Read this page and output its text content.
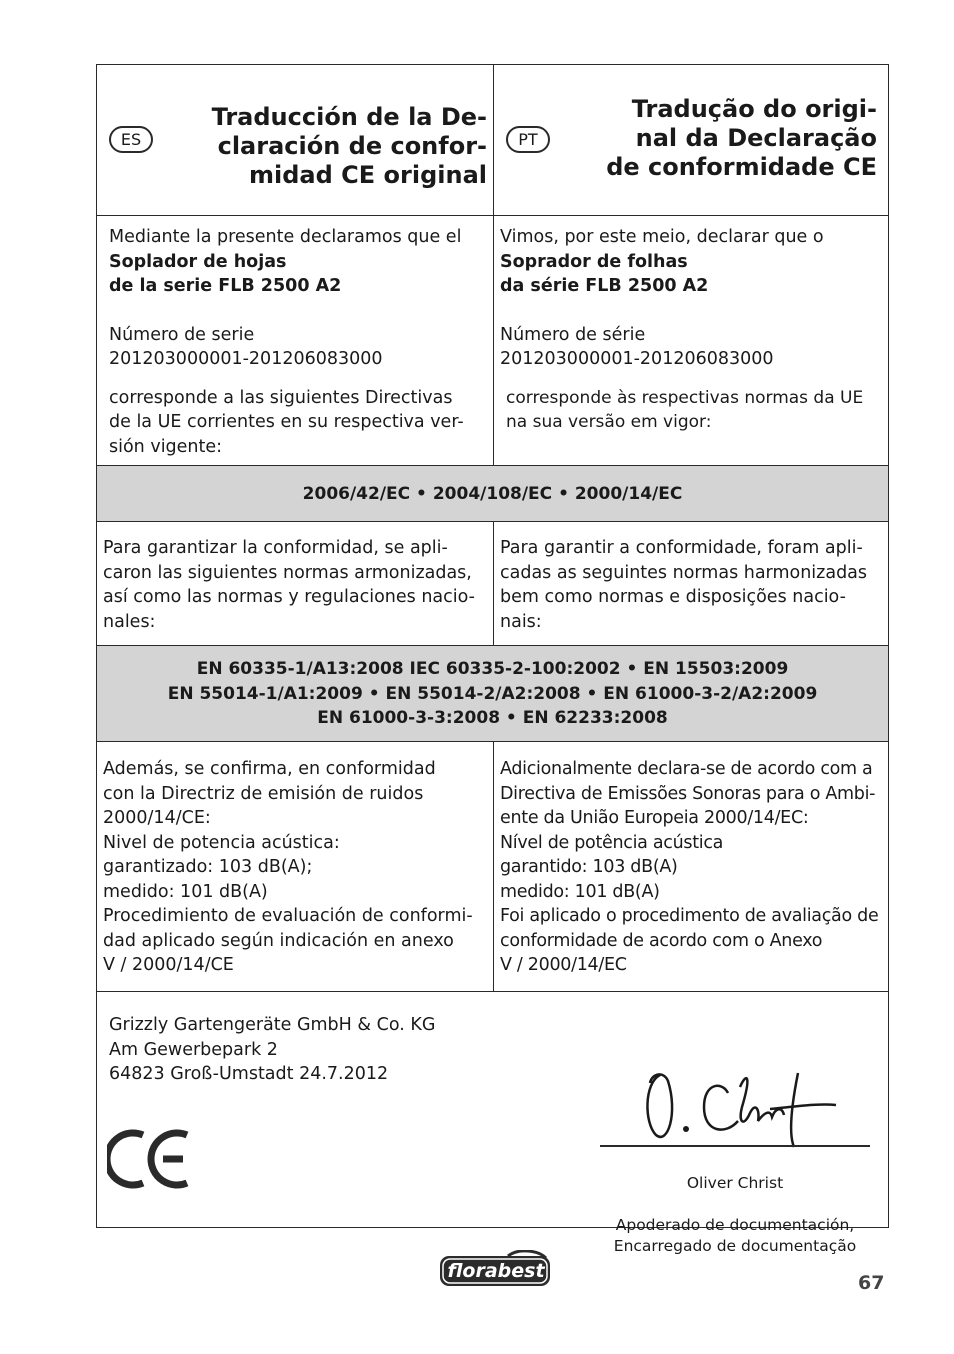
ES
Traducción de la De-
claración de confor-
midad CE original
PT
Tradução do origi-
nal da Declaração
de conformidade CE

Mediante la presente declaramos que el

Soplador de hojas

de la serie FLB 2500 A2

Número de serie

201203000001-201206083000

corresponde a las siguientes Directivas
de la UE corrientes en su respectiva ver-
sión vigente:

Vimos, por este meio, declarar que o

Soprador de folhas

da série FLB 2500 A2

Número de série

201203000001-201206083000

corresponde às respectivas normas da UE
na sua versão em vigor:

2006/42/EC • 2004/108/EC • 2000/14/EC

Para garantizar la conformidad, se apli-
caron las siguientes normas armonizadas,
así como las normas y regulaciones nacio-
nales:

Para garantir a conformidade, foram apli-
cadas as seguintes normas harmonizadas
bem como normas e disposições nacio-
nais:

EN 60335-1/A13:2008 IEC 60335-2-100:2002 • EN 15503:2009
EN 55014-1/A1:2009 • EN 55014-2/A2:2008 • EN 61000-3-2/A2:2009
EN 61000-3-3:2008 • EN 62233:2008

Además, se confirma, en conformidad
con la Directriz de emisión de ruidos
2000/14/CE:
Nivel de potencia acústica:
garantizado: 103 dB(A);
medido: 101 dB(A)
Procedimiento de evaluación de conformi-
dad aplicado según indicación en anexo
V / 2000/14/CE

Adicionalmente declara-se de acordo com a
Directiva de Emissões Sonoras para o Ambi-
ente da União Europeia 2000/14/EC:
Nível de potência acústica
garantido: 103 dB(A)
medido: 101 dB(A)
Foi aplicado o procedimento de avaliação de
conformidade de acordo com o Anexo
V / 2000/14/EC

Grizzly Gartengeräte GmbH & Co. KG

Am Gewerbepark 2

64823 Groß-Umstadt 24.7.2012

Oliver Christ

Apoderado de documentación,
Encarregado de documentação

florabest
67
